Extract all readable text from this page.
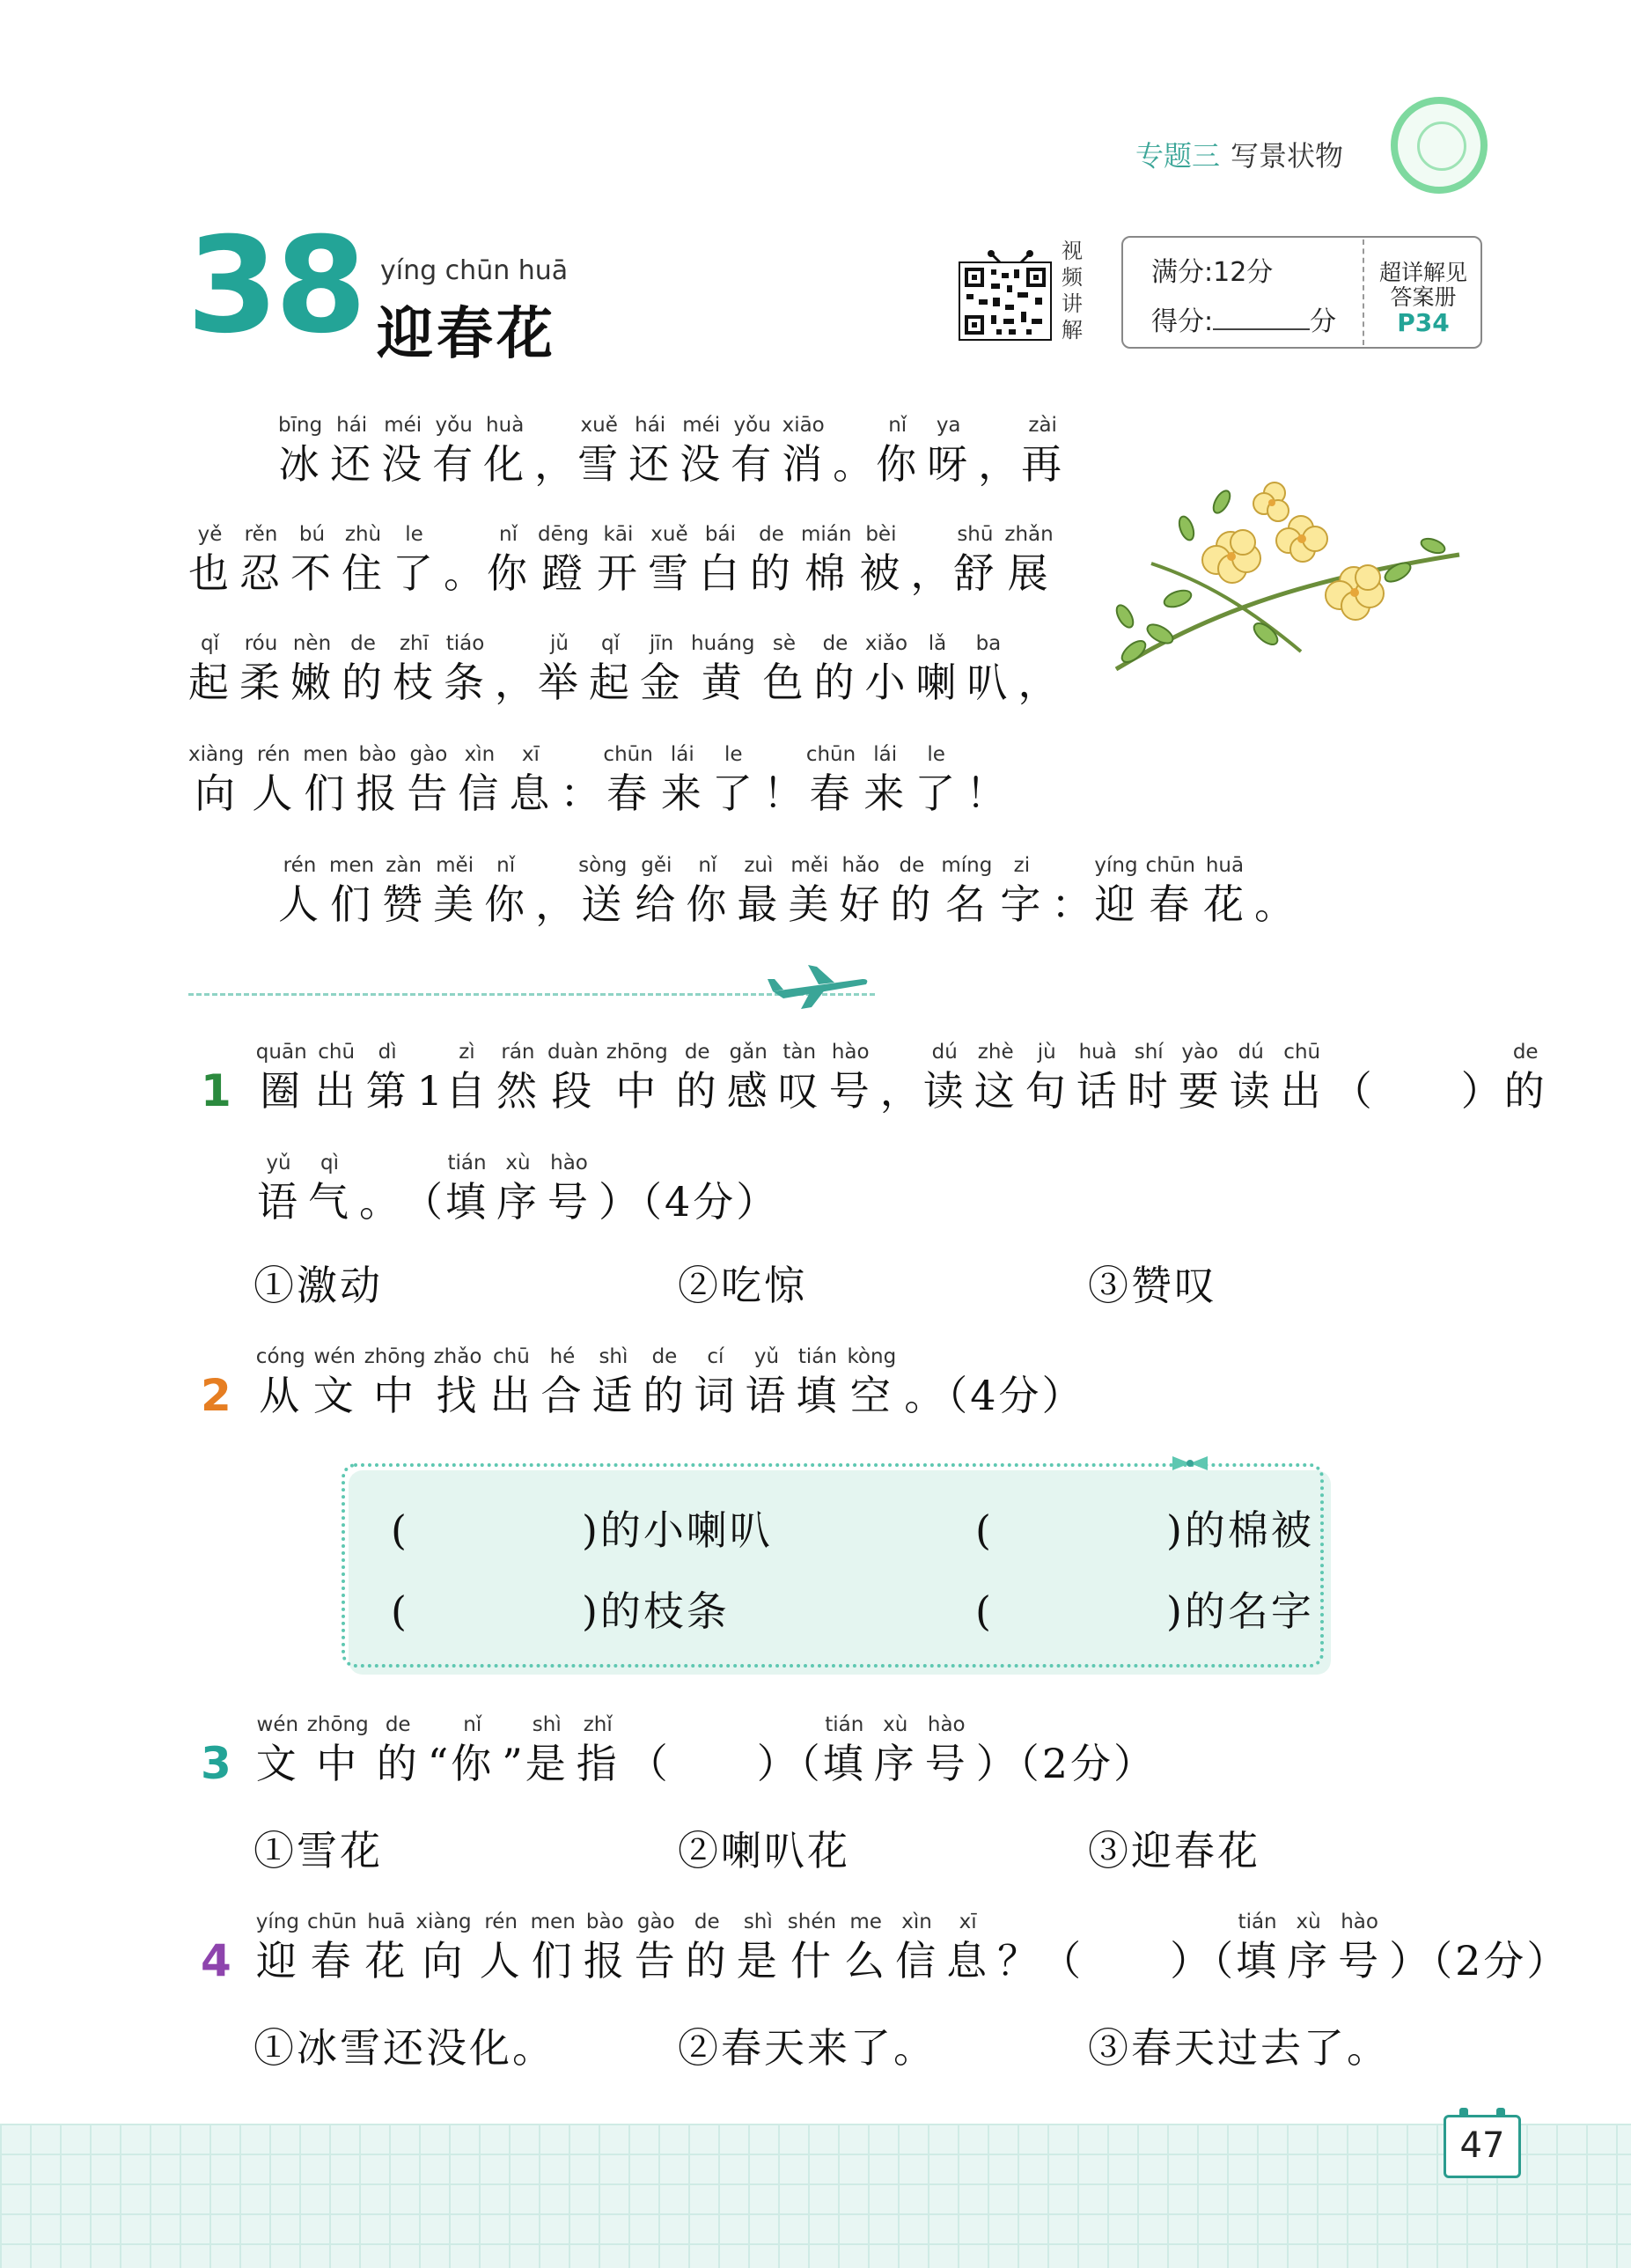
专题三 写景状物
38 yíng chūn huā
迎春花
视
频
讲
解
满分:12分
得分:	分
超详解见
答案册
P34
bīng
冰
hái
还
méi
没
yǒu
有
huà
化 ，
xuě
雪
hái
还
méi
没
yǒu
有
xiāo
消 。
nǐ
你
ya
呀 ，
zài
再
yě
也
rěn
忍
bú
不
zhù
住
le
了 。
nǐ
你
dēng
蹬
kāi
开
xuě
雪
bái
白
de
的
mián
棉
bèi
被 ，
shū
舒
zhǎn
展
qǐ
起
róu
柔
nèn
嫩
de
的
zhī
枝
tiáo
条 ，
jǔ
举
qǐ
起
jīn
金
huáng
黄
sè
色
de
的
xiǎo
小
lǎ
喇
ba
叭 ，
xiàng
向
rén
人
men
们
bào
报
gào
告
xìn
信
xī
息 ：
chūn
春
lái
来
le
了 ！
chūn
春
lái
来
le
了 ！
rén
人
men
们
zàn
赞
měi
美
nǐ
你 ，
sòng
送
gěi
给
nǐ
你
zuì
最
měi
美
hǎo
好
de
的
míng
名
zi
字 ：
yíng
迎
chūn
春
huā
花 。
1
quān
圈
chū
出
dì
第 1
zì
自
rán
然
duàn
段
zhōng
中
de
的
gǎn
感
tàn
叹
hào
号 ，
dú
读
zhè
这
jù
句
huà
话
shí
时
yào
要
dú
读
chū
出 （　　）
de
的
yǔ
语
qì
气 。 （
tián
填
xù
序
hào
号 ）（4分）
①激动	②吃惊	③赞叹
2
cóng
从
wén
文
zhōng
中
zhǎo
找
chū
出
hé
合
shì
适
de
的
cí
词
yǔ
语
tián
填
kòng
空 。（4分）
(　　　　)的小喇叭	(　　　　)的棉被
(　　　　)的枝条	(　　　　)的名字
3
wén
文
zhōng
中
de
的 “
nǐ
你 ”
shì
是
zhǐ
指 （　　）（
tián
填
xù
序
hào
号 ）（2分）
①雪花	②喇叭花	③迎春花
4
yíng
迎
chūn
春
huā
花
xiàng
向
rén
人
men
们
bào
报
gào
告
de
的
shì
是
shén
什
me
么
xìn
信
xī
息 ？（　　）（
tián
填
xù
序
hào
号 ）（2分）
①冰雪还没化。	②春天来了。	③春天过去了。
47
